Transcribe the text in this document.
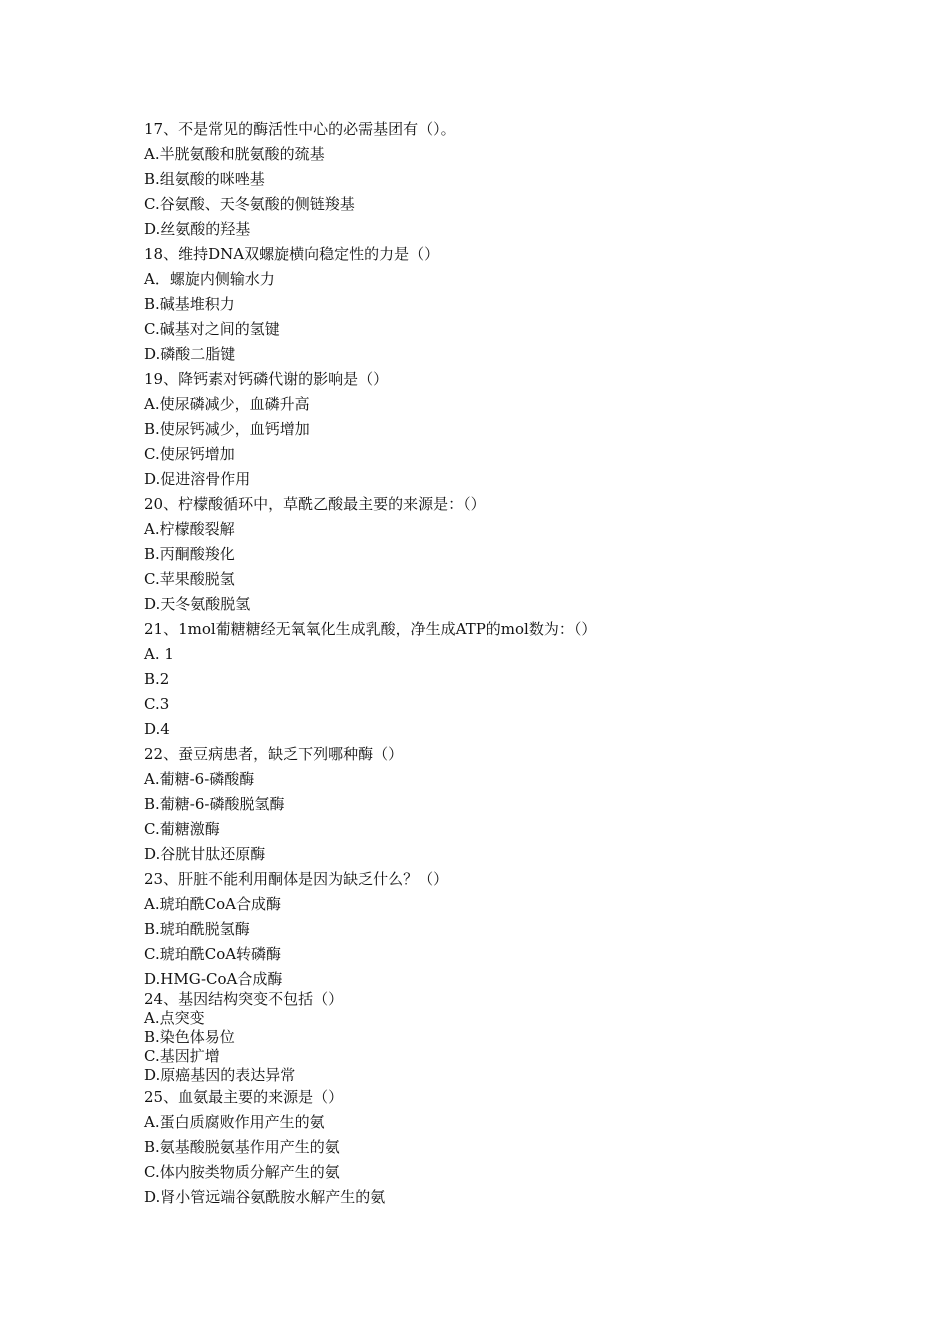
17、不是常见的酶活性中心的必需基团有（）。
A.半胱氨酸和胱氨酸的巯基
B.组氨酸的咪唑基
C.谷氨酸、天冬氨酸的侧链羧基
D.丝氨酸的羟基
18、维持DNA双螺旋横向稳定性的力是（）
A．螺旋内侧输水力
B.碱基堆积力
C.碱基对之间的氢键
D.磷酸二脂键
19、降钙素对钙磷代谢的影响是（）
A.使尿磷减少，血磷升高
B.使尿钙减少，血钙增加
C.使尿钙增加
D.促进溶骨作用
20、柠檬酸循环中，草酰乙酸最主要的来源是：（）
A.柠檬酸裂解
B.丙酮酸羧化
C.苹果酸脱氢
D.天冬氨酸脱氢
21、1mol葡糖糖经无氧氧化生成乳酸，净生成ATP的mol数为：（）
A. 1
B.2
C.3
D.4
22、蚕豆病患者，缺乏下列哪种酶（）
A.葡糖-6-磷酸酶
B.葡糖-6-磷酸脱氢酶
C.葡糖激酶
D.谷胱甘肽还原酶
23、肝脏不能利用酮体是因为缺乏什么？（）
A.琥珀酰CoA合成酶
B.琥珀酰脱氢酶
C.琥珀酰CoA转磷酶
D.HMG-CoA合成酶
24、基因结构突变不包括（）
A.点突变
B.染色体易位
C.基因扩增
D.原癌基因的表达异常
25、血氨最主要的来源是（）
A.蛋白质腐败作用产生的氨
B.氨基酸脱氨基作用产生的氨
C.体内胺类物质分解产生的氨
D.肾小管远端谷氨酰胺水解产生的氨
